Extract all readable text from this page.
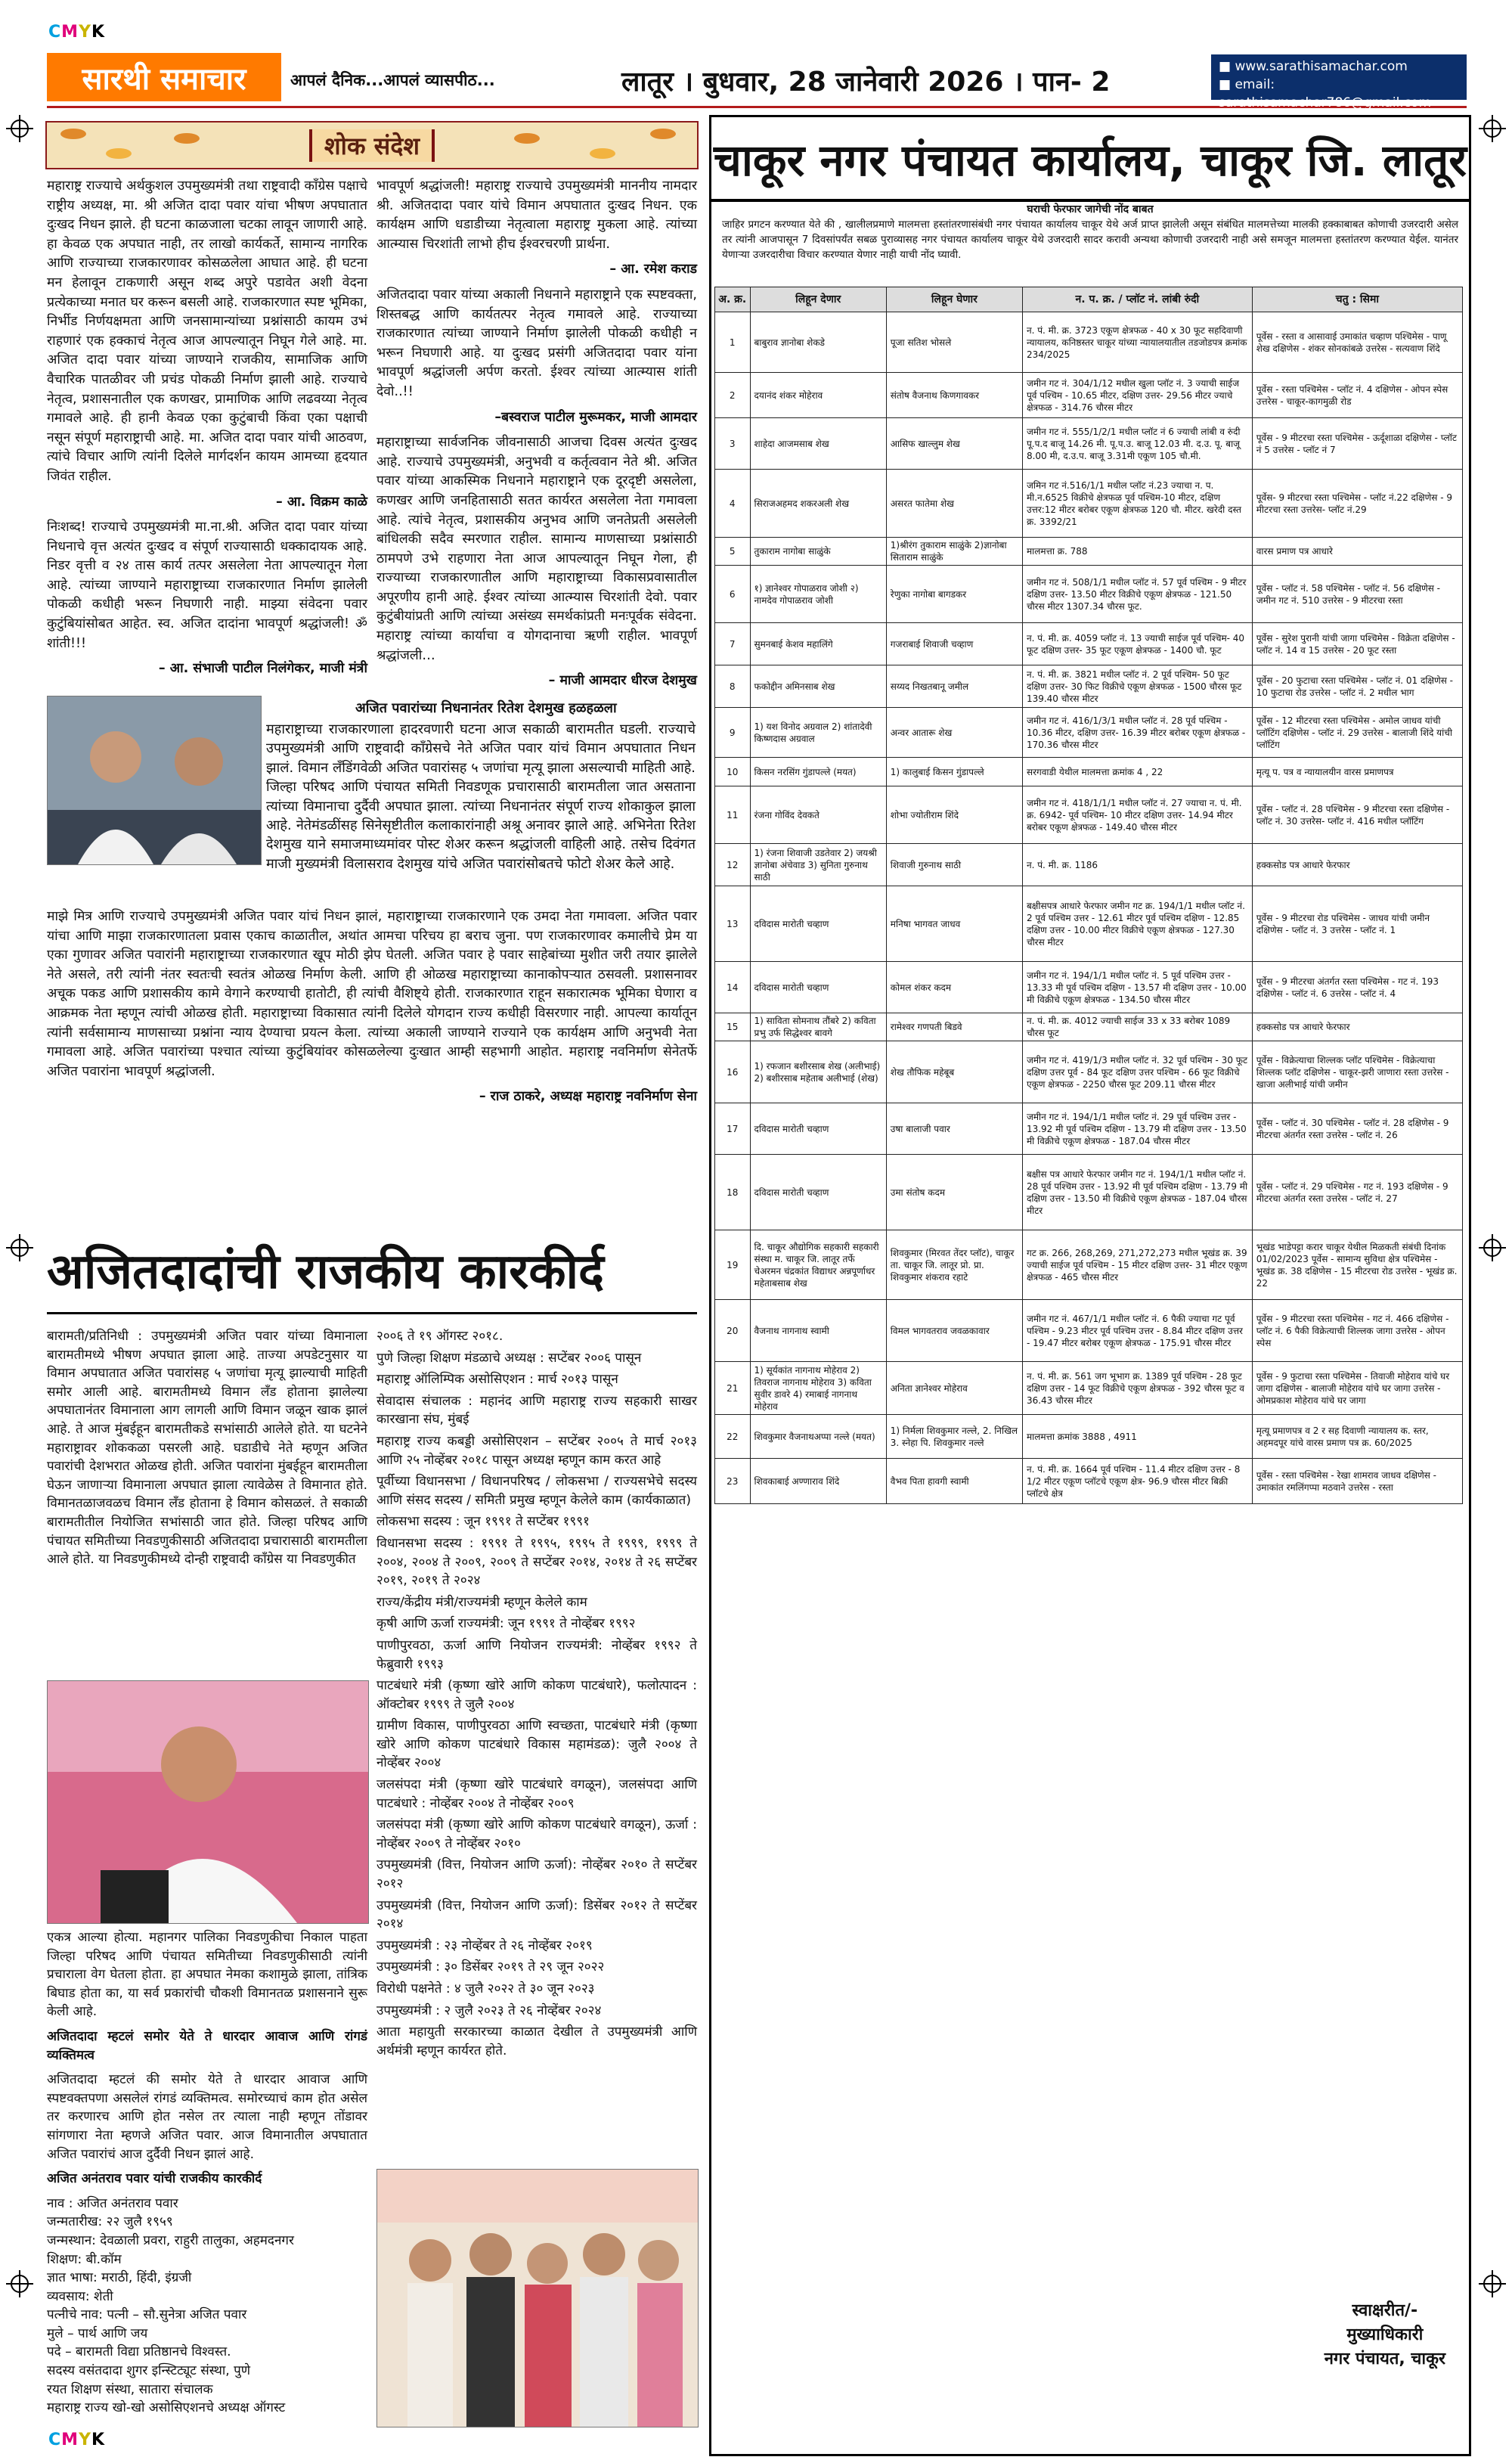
CMYK
CMYK
सारथी समाचार	आपलं दैनिक...आपलं व्यासपीठ...	लातूर । बुधवार, 28 जानेवारी 2026 । पान- 2	■ www.sarathisamachar.com
■ email: sarathisamachar786@gmail.com
शोक संदेश

महाराष्ट्र राज्याचे अर्थकुशल उपमुख्यमंत्री तथा राष्ट्रवादी काँग्रेस पक्षाचे राष्ट्रीय अध्यक्ष, मा. श्री अजित दादा पवार यांचा भीषण अपघातात दुःखद निधन झाले. ही घटना काळजाला चटका लावून जाणारी आहे. हा केवळ एक अपघात नाही, तर लाखो कार्यकर्ते, सामान्य नागरिक आणि राज्याच्या राजकारणावर कोसळलेला आघात आहे. ही घटना मन हेलावून टाकणारी असून शब्द अपुरे पडावेत अशी वेदना प्रत्येकाच्या मनात घर करून बसली आहे. राजकारणात स्पष्ट भूमिका, निर्भीड निर्णयक्षमता आणि जनसामान्यांच्या प्रश्नांसाठी कायम उभं राहणारं एक हक्काचं नेतृत्व आज आपल्यातून निघून गेले आहे. मा. अजित दादा पवार यांच्या जाण्याने राजकीय, सामाजिक आणि वैचारिक पातळीवर जी प्रचंड पोकळी निर्माण झाली आहे. राज्याचे नेतृत्व, प्रशासनातील एक कणखर, प्रामाणिक आणि लढवय्या नेतृत्व गमावले आहे. ही हानी केवळ एका कुटुंबाची किंवा एका पक्षाची नसून संपूर्ण महाराष्ट्राची आहे. मा. अजित दादा पवार यांची आठवण, त्यांचे विचार आणि त्यांनी दिलेले मार्गदर्शन कायम आमच्या हृदयात जिवंत राहील.

– आ. विक्रम काळे

निःशब्द! राज्याचे उपमुख्यमंत्री मा.ना.श्री. अजित दादा पवार यांच्या निधनाचे वृत्त अत्यंत दुःखद व संपूर्ण राज्यासाठी धक्कादायक आहे. निडर वृत्ती व २४ तास कार्य तत्पर असलेला नेता आपल्यातून गेला आहे. त्यांच्या जाण्याने महाराष्ट्राच्या राजकारणात निर्माण झालेली पोकळी कधीही भरून निघणारी नाही. माझ्या संवेदना पवार कुटुंबियांसोबत आहेत. स्व. अजित दादांना भावपूर्ण श्रद्धांजली! ॐ शांती!!!

– आ. संभाजी पाटील निलंगेकर, माजी मंत्री

भावपूर्ण श्रद्धांजली! महाराष्ट्र राज्याचे उपमुख्यमंत्री माननीय नामदार श्री. अजितदादा पवार यांचे विमान अपघातात दुःखद निधन. एक कार्यक्षम आणि धडाडीच्या नेतृत्वाला महाराष्ट्र मुकला आहे. त्यांच्या आत्म्यास चिरशांती लाभो हीच ईश्वरचरणी प्रार्थना.

– आ. रमेश कराड

अजितदादा पवार यांच्या अकाली निधनाने महाराष्ट्राने एक स्पष्टवक्ता, शिस्तबद्ध आणि कार्यतत्पर नेतृत्व गमावले आहे. राज्याच्या राजकारणात त्यांच्या जाण्याने निर्माण झालेली पोकळी कधीही न भरून निघणारी आहे. या दुःखद प्रसंगी अजितदादा पवार यांना भावपूर्ण श्रद्धांजली अर्पण करतो. ईश्वर त्यांच्या आत्म्यास शांती देवो..!!

–बस्वराज पाटील मुरूमकर, माजी आमदार

महाराष्ट्राच्या सार्वजनिक जीवनासाठी आजचा दिवस अत्यंत दुःखद आहे. राज्याचे उपमुख्यमंत्री, अनुभवी व कर्तृत्ववान नेते श्री. अजित पवार यांच्या आकस्मिक निधनाने महाराष्ट्राने एक दूरदृष्टी असलेला, कणखर आणि जनहितासाठी सतत कार्यरत असलेला नेता गमावला आहे. त्यांचे नेतृत्व, प्रशासकीय अनुभव आणि जनतेप्रती असलेली बांधिलकी सदैव स्मरणात राहील. सामान्य माणसाच्या प्रश्नांसाठी ठामपणे उभे राहणारा नेता आज आपल्यातून निघून गेला, ही राज्याच्या राजकारणातील आणि महाराष्ट्राच्या विकासप्रवासातील अपूरणीय हानी आहे. ईश्वर त्यांच्या आत्म्यास चिरशांती देवो. पवार कुटुंबीयांप्रती आणि त्यांच्या असंख्य समर्थकांप्रती मनःपूर्वक संवेदना. महाराष्ट्र त्यांच्या कार्याचा व योगदानाचा ऋणी राहील. भावपूर्ण श्रद्धांजली…

– माजी आमदार धीरज देशमुख

अजित पवारांच्या निधनानंतर रितेश देशमुख हळहळला
महाराष्ट्राच्या राजकारणाला हादरवणारी घटना आज सकाळी बारामतीत घडली. राज्याचे उपमुख्यमंत्री आणि राष्ट्रवादी काँग्रेसचे नेते अजित पवार यांचं विमान अपघातात निधन झालं. विमान लँडिंगवेळी अजित पवारांसह ५ जणांचा मृत्यू झाला असल्याची माहिती आहे. जिल्हा परिषद आणि पंचायत समिती निवडणूक प्रचारासाठी बारामतीला जात असताना त्यांच्या विमानाचा दुर्दैवी अपघात झाला. त्यांच्या निधनानंतर संपूर्ण राज्य शोकाकुल झाला आहे. नेतेमंडळींसह सिनेसृष्टीतील कलाकारांनाही अश्रू अनावर झाले आहे. अभिनेता रितेश देशमुख याने समाजमाध्यमांवर पोस्ट शेअर करून श्रद्धांजली वाहिली आहे. तसेच दिवंगत माजी मुख्यमंत्री विलासराव देशमुख यांचे अजित पवारांसोबतचे फोटो शेअर केले आहे.

माझे मित्र आणि राज्याचे उपमुख्यमंत्री अजित पवार यांचं निधन झालं, महाराष्ट्राच्या राजकारणाने एक उमदा नेता गमावला. अजित पवार यांचा आणि माझा राजकारणातला प्रवास एकाच काळातील, अथांत आमचा परिचय हा बराच जुना. पण राजकारणावर कमालीचे प्रेम या एका गुणावर अजित पवारांनी महाराष्ट्राच्या राजकारणात खूप मोठी झेप घेतली. अजित पवार हे पवार साहेबांच्या मुशीत जरी तयार झालेले नेते असले, तरी त्यांनी नंतर स्वतःची स्वतंत्र ओळख निर्माण केली. आणि ही ओळख महाराष्ट्राच्या कानाकोपऱ्यात ठसवली. प्रशासनावर अचूक पकड आणि प्रशासकीय कामे वेगाने करण्याची हातोटी, ही त्यांची वैशिष्ट्ये होती. राजकारणात राहून सकारात्मक भूमिका घेणारा व आक्रमक नेता म्हणून त्यांची ओळख होती. महाराष्ट्राच्या विकासात त्यांनी दिलेले योगदान राज्य कधीही विसरणार नाही. आपल्या कार्यातून त्यांनी सर्वसामान्य माणसाच्या प्रश्नांना न्याय देण्याचा प्रयत्न केला. त्यांच्या अकाली जाण्याने राज्याने एक कार्यक्षम आणि अनुभवी नेता गमावला आहे. अजित पवारांच्या पश्चात त्यांच्या कुटुंबियांवर कोसळलेल्या दुःखात आम्ही सहभागी आहोत. महाराष्ट्र नवनिर्माण सेनेतर्फे अजित पवारांना भावपूर्ण श्रद्धांजली.

– राज ठाकरे, अध्यक्ष महाराष्ट्र नवनिर्माण सेना

अजितदादांची राजकीय कारकीर्द

बारामती/प्रतिनिधी : उपमुख्यमंत्री अजित पवार यांच्या विमानाला बारामतीमध्ये भीषण अपघात झाला आहे. ताज्या अपडेटनुसार या विमान अपघातात अजित पवारांसह ५ जणांचा मृत्यू झाल्याची माहिती समोर आली आहे. बारामतीमध्ये विमान लँड होताना झालेल्या अपघातानंतर विमानाला आग लागली आणि विमान जळून खाक झालं आहे. ते आज मुंबईहून बारामतीकडे सभांसाठी आलेले होते. या घटनेने महाराष्ट्रावर शोककळा पसरली आहे. घडाडीचे नेते म्हणून अजित पवारांची देशभरात ओळख होती. अजित पवारांना मुंबईहून बारामतीला घेऊन जाणाऱ्या विमानाला अपघात झाला त्यावेळेस ते विमानात होते. विमानतळाजवळच विमान लँड होताना हे विमान कोसळलं. ते सकाळी बारामतीतील नियोजित सभांसाठी जात होते. जिल्हा परिषद आणि पंचायत समितीच्या निवडणुकीसाठी अजितदादा प्रचारासाठी बारामतीला आले होते. या निवडणुकीमध्ये दोन्ही राष्ट्रवादी काँग्रेस या निवडणुकीत

एकत्र आल्या होत्या. महानगर पालिका निवडणुकीचा निकाल पाहता जिल्हा परिषद आणि पंचायत समितीच्या निवडणुकीसाठी त्यांनी प्रचाराला वेग घेतला होता. हा अपघात नेमका कशामुळे झाला, तांत्रिक बिघाड होता का, या सर्व प्रकारांची चौकशी विमानतळ प्रशासनाने सुरू केली आहे.

अजितदादा म्हटलं समोर येते ते धारदार आवाज आणि रांगडं व्यक्तिमत्व

अजितदादा म्हटलं की समोर येते ते धारदार आवाज आणि स्पष्टवक्तपणा असलेलं रांगडं व्यक्तिमत्व. समोरच्याचं काम होत असेल तर करणारच आणि होत नसेल तर त्याला नाही म्हणून तोंडावर सांगणारा नेता म्हणजे अजित पवार. आज विमानातील अपघातात अजित पवारांचं आज दुर्दैवी निधन झालं आहे.

अजित अनंतराव पवार यांची राजकीय कारकीर्द

नाव : अजित अनंतराव पवार
जन्मतारीख: २२ जुलै १९५९
जन्मस्थान: देवळाली प्रवरा, राहुरी तालुका, अहमदनगर
शिक्षण: बी.कॉम
ज्ञात भाषा: मराठी, हिंदी, इंग्रजी
व्यवसाय: शेती
पत्नीचे नाव: पत्नी – सौ.सुनेत्रा अजित पवार
मुले – पार्थ आणि जय
पदे – बारामती विद्या प्रतिष्ठानचे विश्वस्त.
सदस्य वसंतदादा शुगर इन्स्टिट्यूट संस्था, पुणे
रयत शिक्षण संस्था, सातारा संचालक
महाराष्ट्र राज्य खो-खो असोसिएशनचे अध्यक्ष ऑगस्ट

२००६ ते १९ ऑगस्ट २०१८.

पुणे जिल्हा शिक्षण मंडळाचे अध्यक्ष : सप्टेंबर २००६ पासून

महाराष्ट्र ऑलिम्पिक असोसिएशन : मार्च २०१३ पासून

सेवादास संचालक : महानंद आणि महाराष्ट्र राज्य सहकारी साखर कारखाना संघ, मुंबई

महाराष्ट्र राज्य कबड्डी असोसिएशन – सप्टेंबर २००५ ते मार्च २०१३ आणि २५ नोव्हेंबर २०१८ पासून अध्यक्ष म्हणून काम करत आहे

पूर्वीच्या विधानसभा / विधानपरिषद / लोकसभा / राज्यसभेचे सदस्य आणि संसद सदस्य / समिती प्रमुख म्हणून केलेले काम (कार्यकाळात)

लोकसभा सदस्य : जून १९९१ ते सप्टेंबर १९९१

विधानसभा सदस्य : १९९१ ते १९९५, १९९५ ते १९९९, १९९९ ते २००४, २००४ ते २००९, २००९ ते सप्टेंबर २०१४, २०१४ ते २६ सप्टेंबर २०१९, २०१९ ते २०२४

राज्य/केंद्रीय मंत्री/राज्यमंत्री म्हणून केलेले काम

कृषी आणि ऊर्जा राज्यमंत्री: जून १९९१ ते नोव्हेंबर १९९२

पाणीपुरवठा, ऊर्जा आणि नियोजन राज्यमंत्री: नोव्हेंबर १९९२ ते फेब्रुवारी १९९३

पाटबंधारे मंत्री (कृष्णा खोरे आणि कोकण पाटबंधारे), फलोत्पादन : ऑक्टोबर १९९९ ते जुलै २००४

ग्रामीण विकास, पाणीपुरवठा आणि स्वच्छता, पाटबंधारे मंत्री (कृष्णा खोरे आणि कोकण पाटबंधारे विकास महामंडळ): जुलै २००४ ते नोव्हेंबर २००४

जलसंपदा मंत्री (कृष्णा खोरे पाटबंधारे वगळून), जलसंपदा आणि पाटबंधारे : नोव्हेंबर २००४ ते नोव्हेंबर २००९

जलसंपदा मंत्री (कृष्णा खोरे आणि कोकण पाटबंधारे वगळून), ऊर्जा : नोव्हेंबर २००९ ते नोव्हेंबर २०१०

उपमुख्यमंत्री (वित्त, नियोजन आणि ऊर्जा): नोव्हेंबर २०१० ते सप्टेंबर २०१२

उपमुख्यमंत्री (वित्त, नियोजन आणि ऊर्जा): डिसेंबर २०१२ ते सप्टेंबर २०१४

उपमुख्यमंत्री : २३ नोव्हेंबर ते २६ नोव्हेंबर २०१९

उपमुख्यमंत्री : ३० डिसेंबर २०१९ ते २९ जून २०२२

विरोधी पक्षनेते : ४ जुलै २०२२ ते ३० जून २०२३

उपमुख्यमंत्री : २ जुलै २०२३ ते २६ नोव्हेंबर २०२४

आता महायुती सरकारच्या काळात देखील ते उपमुख्यमंत्री आणि अर्थमंत्री म्हणून कार्यरत होते.

चाकूर नगर पंचायत कार्यालय, चाकूर जि. लातूर
घराची फेरफार जागेची नोंद बाबत
जाहिर प्रगटन करण्यात येते की , खालीलप्रमाणे मालमत्ता हस्तांतरणासंबंधी नगर पंचायत कार्यालय चाकूर येथे अर्ज प्राप्त झालेली असून संबंधित मालमत्तेच्या मालकी हक्काबाबत कोणाची उजरदारी असेल तर त्यांनी आजपासून 7 दिवसांपर्यंत सबळ पुराव्यासह नगर पंचायत कार्यालय चाकूर येथे उजरदारी सादर करावी अन्यथा कोणाची उजरदारी नाही असे समजून मालमत्ता हस्तांतरण करण्यात येईल. यानंतर येणाऱ्या उजरदारीचा विचार करण्यात येणार नाही याची नोंद घ्यावी.
अ. क्र.	लिहून देणार	लिहून घेणार	न. प. क्र. / प्लॉट नं. लांबी रुंदी	चतु : सिमा
1	बाबुराव ज्ञानोबा शेकडे	पूजा सतिश भोसले	न. पं. मी. क्र. 3723 एकूण क्षेत्रफळ - 40 x 30 फूट सहदिवाणी न्यायालय, कनिष्ठस्तर चाकूर यांच्या न्यायालयातील तडजोडपत्र क्रमांक 234/2025	पूर्वेस - रस्ता व आसावाई उमाकांत चव्हाण पश्चिमेस - पाणू शेख दक्षिणेस - शंकर सोनकांबळे उत्तरेस - सत्यवाण शिंदे
2	दयानंद शंकर मोहेराव	संतोष वैजनाथ किणगावकर	जमीन गट नं. 304/1/12 मधील खुला प्लॉट नं. 3 ज्याची साईज पूर्व पश्चिम - 10.65 मीटर, दक्षिण उत्तर- 29.56 मीटर ज्याचे क्षेत्रफळ - 314.76 चौरस मीटर	पूर्वेस - रस्ता पश्चिमेस - प्लॉट नं. 4 दक्षिणेस - ओपन स्पेस उत्तरेस - चाकूर-कागमुळी रोड
3	शाहेदा आजमसाब शेख	आसिफ खाल्लुम शेख	जमीन गट नं. 555/1/2/1 मधील प्लॉट नं 6 ज्याची लांबी व रुंदी पू.प.द बाजू 14.26 मी. पू.प.उ. बाजू 12.03 मी. द.उ. पू. बाजू 8.00 मी, द.उ.प. बाजू 3.31मी एकूण 105 चौ.मी.	पूर्वेस - 9 मीटरचा रस्ता पश्चिमेस - ऊर्दूशाळा दक्षिणेस - प्लॉट नं 5 उत्तरेस - प्लॉट नं 7
4	सिराजअहमद शकरअली शेख	असरत फातेमा शेख	जमिन गट नं.516/1/1 मधील प्लॉट नं.23 ज्याचा न. प. मी.न.6525 विक्रीचे क्षेत्रफळ पूर्व पश्चिम-10 मीटर, दक्षिण उत्तर:12 मीटर बरोबर एकूण क्षेत्रफळ 120 चौ. मीटर. खरेदी दस्त क्र. 3392/21	पूर्वेस- 9 मीटरचा रस्ता पश्चिमेस - प्लॉट नं.22 दक्षिणेस - 9 मीटरचा रस्ता उत्तरेस- प्लॉट नं.29
5	तुकाराम नागोबा साळुंके	1)श्रीरंग तुकाराम साळुंके 2)ज्ञानोबा सिताराम साळुंके	मालमत्ता क्र. 788	वारस प्रमाण पत्र आधारे
6	१) ज्ञानेश्वर गोपाळराव जोशी २) नामदेव गोपाळराव जोशी	रेणुका नागोबा बागडकर	जमीन गट नं. 508/1/1 मधील प्लॉट नं. 57 पूर्व पश्चिम - 9 मीटर दक्षिण उत्तर- 13.50 मीटर विक्रीचे एकूण क्षेत्रफळ - 121.50 चौरस मीटर 1307.34 चौरस फूट.	पूर्वेस - प्लॉट नं. 58 पश्चिमेस - प्लॉट नं. 56 दक्षिणेस - जमीन गट नं. 510 उत्तरेस - 9 मीटरचा रस्ता
7	सुमनबाई केशव महालिंगे	गजराबाई शिवाजी चव्हाण	न. पं. मी. क्र. 4059 प्लॉट नं. 13 ज्याची साईज पूर्व पश्चिम- 40 फूट दक्षिण उत्तर- 35 फूट एकूण क्षेत्रफळ - 1400 चौ. फूट	पूर्वेस - सुरेश पुरानी यांची जागा पश्चिमेस - विक्रेता दक्षिणेस - प्लॉट नं. 14 व 15 उत्तरेस - 20 फूट रस्ता
8	फकोद्दीन अमिनसाब शेख	सय्यद निखतबानू जमील	न. पं. मी. क्र. 3821 मधील प्लॉट नं. 2 पूर्व पश्चिम- 50 फूट दक्षिण उत्तर- 30 फिट विक्रीचे एकूण क्षेत्रफळ - 1500 चौरस फूट 139.40 चौरस मीटर	पूर्वेस - 20 फुटाचा रस्ता पश्चिमेस - प्लॉट नं. 01 दक्षिणेस - 10 फुटाचा रोड उत्तरेस - प्लॉट नं. 2 मधील भाग
9	1) यश विनोद अग्रवाल 2) शांतादेवी किष्णदास अग्रवाल	अन्वर आतारू शेख	जमीन गट नं. 416/1/3/1 मधील प्लॉट नं. 28 पूर्व पश्चिम - 10.36 मीटर, दक्षिण उत्तर- 16.39 मीटर बरोबर एकूण क्षेत्रफळ - 170.36 चौरस मीटर	पूर्वेस - 12 मीटरचा रस्ता पश्चिमेस - अमोल जाधव यांची प्लॉटिंग दक्षिणेस - प्लॉट नं. 29 उत्तरेस - बालाजी शिंदे यांची प्लॉटिंग
10	किसन नरसिंग गुंडापल्ले (मयत)	1) कालुबाई किसन गुंडापल्ले	सरगवाडी येथील मालमत्ता क्रमांक 4 , 22	मृत्यू प. पत्र व न्यायालयीन वारस प्रमाणपत्र
11	रंजना गोविंद देवकते	शोभा ज्योतीराम शिंदे	जमीन गट नं. 418/1/1/1 मधील प्लॉट नं. 27 ज्याचा न. पं. मी. क्र. 6942- पूर्व पश्चिम- 10 मीटर दक्षिण उत्तर- 14.94 मीटर बरोबर एकूण क्षेत्रफळ - 149.40 चौरस मीटर	पूर्वेस - प्लॉट नं. 28 पश्चिमेस - 9 मीटरचा रस्ता दक्षिणेस - प्लॉट नं. 30 उत्तरेस- प्लॉट नं. 416 मधील प्लॉटिंग
12	1) रंजना शिवाजी उडतेवार 2) जयश्री ज्ञानोबा अंचेवाड 3) सुनिता गुरुनाथ साठी	शिवाजी गुरुनाथ साठी	न. पं. मी. क्र. 1186	हक्कसोड पत्र आधारे फेरफार
13	दविदास मारोती चव्हाण	मनिषा भागवत जाधव	बक्षीसपत्र आधारे फेरफार जमीन गट क्र. 194/1/1 मधील प्लॉट नं. 2 पूर्व पश्चिम उत्तर - 12.61 मीटर पूर्व पश्चिम दक्षिण - 12.85 दक्षिण उत्तर - 10.00 मीटर विक्रीचे एकूण क्षेत्रफळ - 127.30 चौरस मीटर	पूर्वेस - 9 मीटरचा रोड पश्चिमेस - जाधव यांची जमीन दक्षिणेस - प्लॉट नं. 3 उत्तरेस - प्लॉट नं. 1
14	दविदास मारोती चव्हाण	कोमल शंकर कदम	जमीन गट नं. 194/1/1 मधील प्लॉट नं. 5 पूर्व पश्चिम उत्तर - 13.33 मी पूर्व पश्चिम दक्षिण - 13.57 मी दक्षिण उत्तर - 10.00 मी विक्रीचे एकूण क्षेत्रफळ - 134.50 चौरस मीटर	पूर्वेस - 9 मीटरचा अंतर्गत रस्ता पश्चिमेस - गट नं. 193 दक्षिणेस - प्लॉट नं. 6 उत्तरेस - प्लॉट नं. 4
15	1) साविता सोमनाथ तौंबरे 2) कविता प्रभु उर्फ सिद्धेश्वर बावगे	रामेश्वर गणपती बिडवे	न. पं. मी. क्र. 4012 ज्याची साईज 33 x 33 बरोबर 1089 चौरस फूट	हक्कसोड पत्र आधारे फेरफार
16	1) रफजान बशीरसाब शेख (अलीभाई) 2) बशीरसाब महेताब अलीभाई (शेख)	शेख तौफिक महेबूब	जमीन गट नं. 419/1/3 मधील प्लॉट नं. 32 पूर्व पश्चिम - 30 फूट दक्षिण उत्तर पूर्व - 84 फूट दक्षिण उत्तर पश्चिम - 66 फूट विक्रीचे एकूण क्षेत्रफळ - 2250 चौरस फूट 209.11 चौरस मीटर	पूर्वेस - विक्रेत्याचा शिल्लक प्लॉट पश्चिमेस - विक्रेत्याचा शिल्लक प्लॉट दक्षिणेस - चाकूर-झरी जाणारा रस्ता उत्तरेस - खाजा अलीभाई यांची जमीन
17	दविदास मारोती चव्हाण	उषा बालाजी पवार	जमीन गट नं. 194/1/1 मधील प्लॉट नं. 29 पूर्व पश्चिम उत्तर - 13.92 मी पूर्व पश्चिम दक्षिण - 13.79 मी दक्षिण उत्तर - 13.50 मी विक्रीचे एकूण क्षेत्रफळ - 187.04 चौरस मीटर	पूर्वेस - प्लॉट नं. 30 पश्चिमेस - प्लॉट नं. 28 दक्षिणेस - 9 मीटरचा अंतर्गत रस्ता उत्तरेस - प्लॉट नं. 26
18	दविदास मारोती चव्हाण	उमा संतोष कदम	बक्षीस पत्र आधारे फेरफार जमीन गट नं. 194/1/1 मधील प्लॉट नं. 28 पूर्व पश्चिम उत्तर - 13.92 मी पूर्व पश्चिम दक्षिण - 13.79 मी दक्षिण उत्तर - 13.50 मी विक्रीचे एकूण क्षेत्रफळ - 187.04 चौरस मीटर	पूर्वेस - प्लॉट नं. 29 पश्चिमेस - गट नं. 193 दक्षिणेस - 9 मीटरचा अंतर्गत रस्ता उत्तरेस - प्लॉट नं. 27
19	दि. चाकूर औद्योगिक सहकारी सहकारी संस्था म. चाकूर जि. लातूर तर्फे चेअरमन चंद्रकांत विद्याधर अन्नपूर्णाधर महेताबसाब शेख	शिवकुमार (मिरवत तेंदर प्लॉट), चाकूर ता. चाकूर जि. लातूर प्रो. प्रा. शिवकुमार शंकराव रहाटे	गट क्र. 266, 268,269, 271,272,273 मधील भूखंड क्र. 39 ज्याची साईज पूर्व पश्चिम - 15 मीटर दक्षिण उत्तर- 31 मीटर एकूण क्षेत्रफळ - 465 चौरस मीटर	भूखंड भाडेपट्टा करार चाकूर येथील मिळकती संबंधी दिनांक 01/02/2023 पूर्वेस - सामान्य सुविधा क्षेत्र पश्चिमेस - भूखंड क्र. 38 दक्षिणेस - 15 मीटरचा रोड उत्तरेस - भूखंड क्र. 22
20	वैजनाथ नागनाथ स्वामी	विमल भागवतराव जवळकावार	जमीन गट नं. 467/1/1 मधील प्लॉट नं. 6 पैकी ज्याचा गट पूर्व पश्चिम - 9.23 मीटर पूर्व पश्चिम उत्तर - 8.84 मीटर दक्षिण उत्तर - 19.47 मीटर बरोबर एकूण क्षेत्रफळ - 175.91 चौरस मीटर	पूर्वेस - 9 मीटरचा रस्ता पश्चिमेस - गट नं. 466 दक्षिणेस - प्लॉट नं. 6 पैकी विक्रेत्याची शिल्लक जागा उत्तरेस - ओपन स्पेस
21	1) सूर्यकांत नागनाथ मोहेराव 2) तिवराज नागनाथ मोहेराव 3) कविता सुवीर डावरे 4) रमाबाई नागनाथ मोहेराव	अनिता ज्ञानेश्वर मोहेराव	न. पं. मी. क्र. 561 जग भूभाग क्र. 1389 पूर्व पश्चिम - 28 फूट दक्षिण उत्तर - 14 फूट विक्रीचे एकूण क्षेत्रफळ - 392 चौरस फूट व 36.43 चौरस मीटर	पूर्वेस - 9 फुटाचा रस्ता पश्चिमेस - तिवाजी मोहेराव यांचे घर जागा दक्षिणेस - बालाजी मोहेराव यांचे घर जागा उत्तरेस - ओमप्रकाश मोहेराव यांचे घर जागा
22	शिवकुमार वैजनाथअप्पा नल्ले (मयत)	1) निर्मला शिवकुमार नल्ले, 2. निखिल 3. स्नेहा पि. शिवकुमार नल्ले	मालमत्ता क्रमांक 3888 , 4911	मृत्यू प्रमाणपत्र व 2 र सह दिवाणी न्यायालय क. स्तर, अहमदपूर यांचे वारस प्रमाण पत्र क्र. 60/2025
23	शिवकाबाई अण्णाराव शिंदे	वैभव पिता हावगी स्वामी	न. पं. मी. क्र. 1664 पूर्व पश्चिम - 11.4 मीटर दक्षिण उत्तर - 8 1/2 मीटर एकूण प्लॉटचे एकूण क्षेत्र- 96.9 चौरस मीटर बिक्री प्लॉटचे क्षेत्र	पूर्वेस - रस्ता पश्चिमेस - रेखा शामराव जाधव दक्षिणेस - उमाकांत रमलिंगप्पा मठवाने उत्तरेस - रस्ता
स्वाक्षरीत/-
मुख्याधिकारी
नगर पंचायत, चाकूर
